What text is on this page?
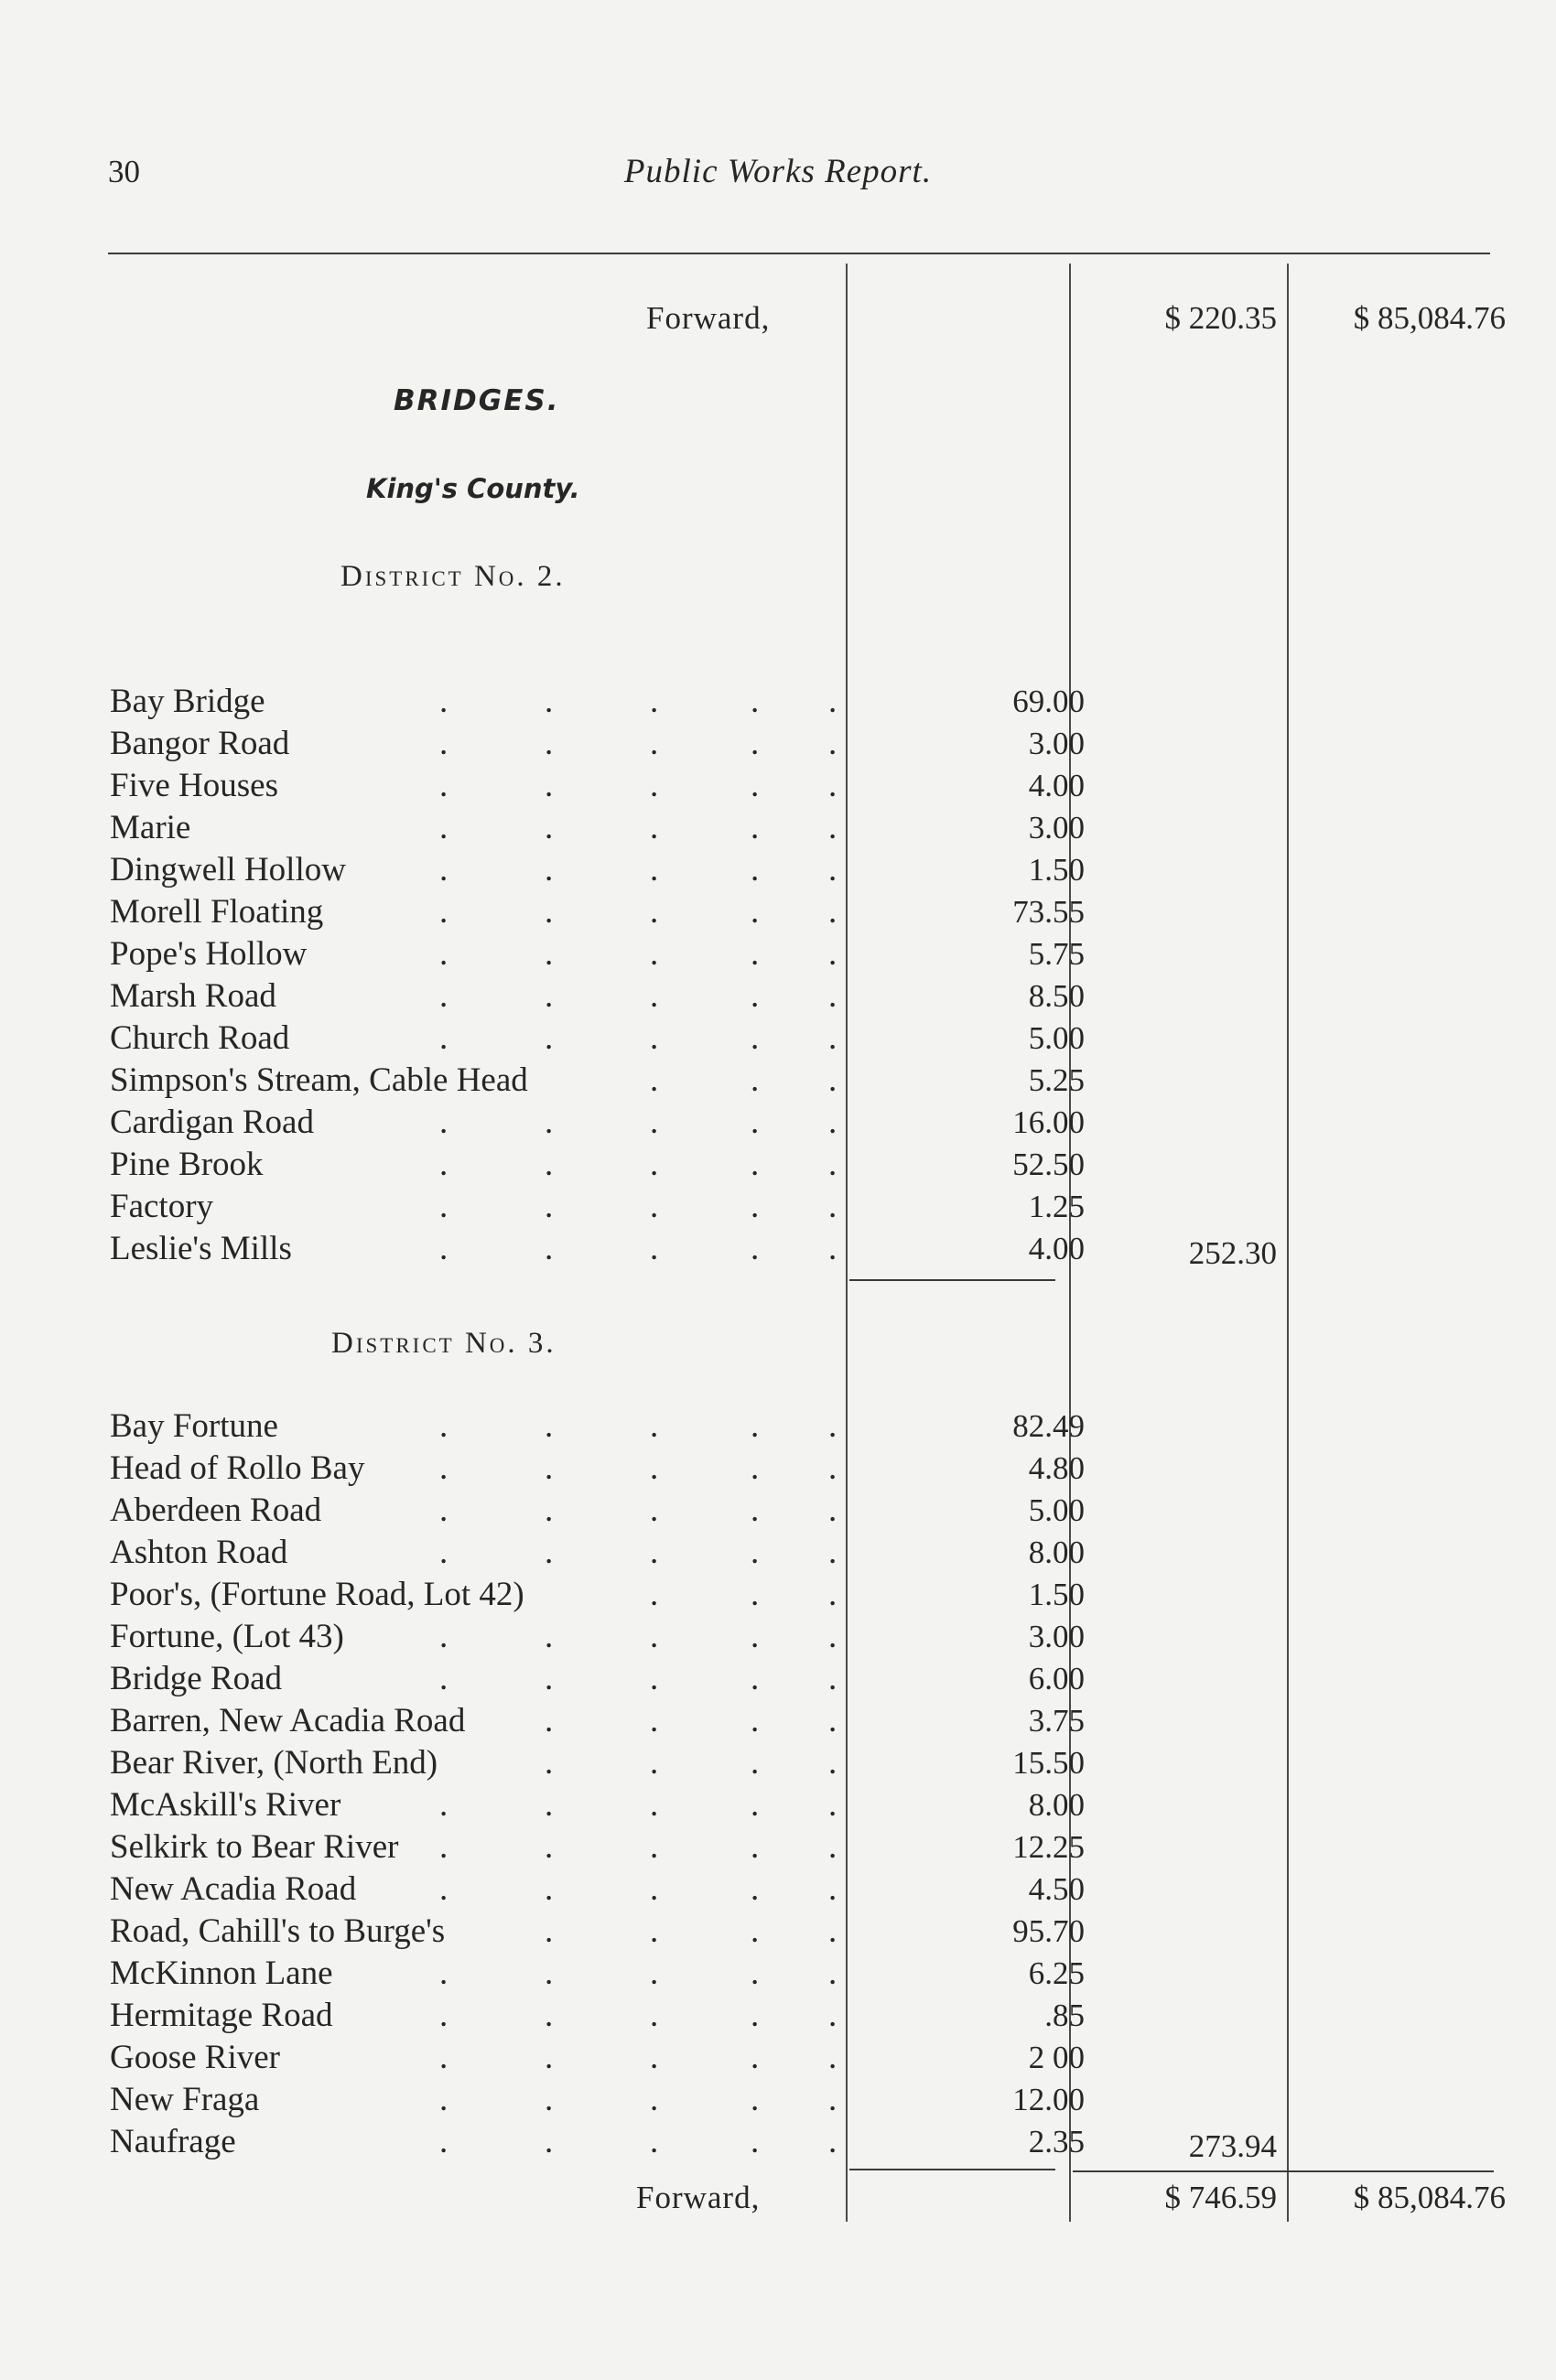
30	Public Works Report.
Forward,	$ 220.35	$ 85,084.76
BRIDGES.
King's County.
District No. 2.
Bay Bridge	.	.	.	. .	69.00
Bangor Road	.	.	.	. .	3.00
Five Houses	.	.	.	. .	4.00
Marie	.	.	.	. .	3.00
Dingwell Hollow	.	.	.	. .	1.50
Morell Floating	.	.	.	. .	73.55
Pope's Hollow	.	.	.	. .	5.75
Marsh Road	.	.	.	. .	8.50
Church Road	.	.	.	. .	5.00
Simpson's Stream, Cable Head	.	. .	5.25
Cardigan Road	.	.	.	. .	16.00
Pine Brook	.	.	.	. .	52.50
Factory	.	.	.	. .	1.25
Leslie's Mills	.	.	.	. .	4.00	252.30
District No. 3.
Bay Fortune	.	.	.	. .	82.49
Head of Rollo Bay .	.	.	. .	4.80
Aberdeen Road	.	.	.	. .	5.00
Ashton Road	.	.	.	. .	8.00
Poor's, (Fortune Road, Lot 42)	.	. .	1.50
Fortune, (Lot 43)	.	.	.	. .	3.00
Bridge Road	.	.	.	. .	6.00
Barren, New Acadia Road .	.	. .	3.75
Bear River, (North End)	.	.	. .	15.50
McAskill's River	.	.	.	. .	8.00
Selkirk to Bear River .	.	.	. .	12.25
New Acadia Road .	.	.	. .	4.50
Road, Cahill's to Burge's	.	.	. .	95.70
McKinnon Lane	.	.	.	. .	6.25
Hermitage Road	.	.	.	. .	.85
Goose River	.	.	.	. .	2 00
New Fraga	.	.	.	. .	12.00
Naufrage	.	.	.	. .	2.35	273.94
Forward,	$ 746.59	$ 85,084.76
